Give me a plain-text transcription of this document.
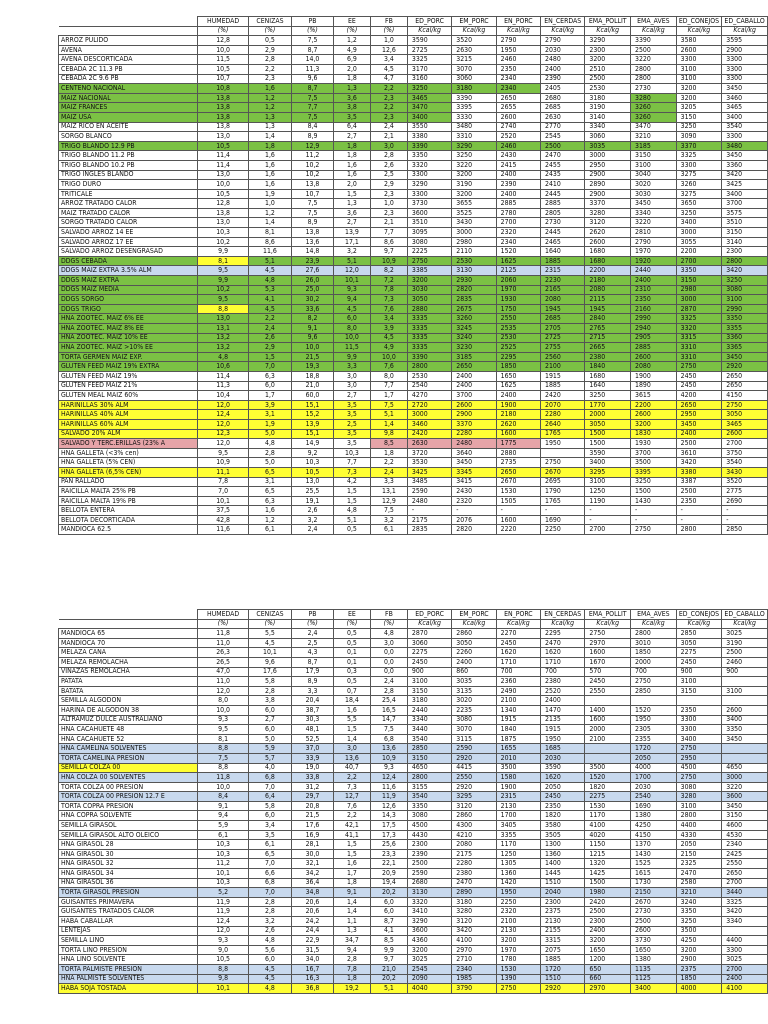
	HUMEDAD	CENIZAS	PB	EE	FB	ED_PORC	EM_PORC	EN_PORC	EN_CERDAS	EMA_POLLIT	EMA_AVES	ED_CONEJOS	ED_CABALLO
	(%)	(%)	(%)	(%)	(%)	Kcal/kg	Kcal/kg	Kcal/kg	Kcal/kg	Kcal/kg	Kcal/kg	Kcal/kg	Kcal/kg
ARROZ PULIDO	12,8	0,5	7,5	1,2	1,0	3590	3520	2790	2790	3290	3390	3580	3595
AVENA	10,0	2,9	8,7	4,9	12,6	2725	2630	1950	2030	2300	2500	2600	2900
AVENA DESCORTICADA	11,5	2,8	14,0	6,9	3,4	3325	3215	2460	2480	3200	3220	3300	3300
CEBADA 2C 11.3 PB	10,5	2,2	11,3	2,0	4,5	3170	3070	2350	2400	2510	2800	3100	3300
CEBADA 2C 9.6 PB	10,7	2,3	9,6	1,8	4,7	3160	3060	2340	2390	2500	2800	3100	3300
CENTENO NACIONAL	10,8	1,6	8,7	1,3	2,2	3250	3180	2340	2405	2530	2730	3200	3450
MAIZ NACIONAL	13,8	1,2	7,5	3,6	2,3	3465	3390	2650	2680	3180	3280	3200	3460
MAIZ FRANCES	13,8	1,2	7,7	3,8	2,2	3470	3395	2655	2685	3190	3260	3205	3465
MAIZ USA	13,8	1,3	7,5	3,5	2,3	3400	3330	2600	2630	3140	3260	3150	3400
MAIZ RICO EN ACEITE	13,8	1,3	8,4	6,4	2,4	3550	3480	2740	2770	3340	3470	3250	3540
SORGO BLANCO	13,0	1,4	8,9	2,7	2,1	3380	3310	2520	2545	3060	3210	3090	3300
TRIGO BLANDO 12.9 PB	10,5	1,8	12,9	1,8	3,0	3390	3290	2460	2500	3035	3185	3370	3480
TRIGO BLANDO 11.2 PB	11,4	1,6	11,2	1,8	2,8	3350	3250	2430	2470	3000	3150	3325	3450
TRIGO BLANDO 10.2 PB	11,4	1,6	10,2	1,6	2,6	3320	3220	2415	2455	2950	3100	3300	3360
TRIGO INGLES BLANDO	13,0	1,6	10,2	1,6	2,5	3300	3200	2400	2435	2900	3040	3275	3420
TRIGO DURO	10,0	1,6	13,8	2,0	2,9	3290	3190	2390	2410	2890	3020	3260	3425
TRITICALE	10,5	1,9	10,7	1,5	2,3	3300	3200	2400	2445	2900	3030	3275	3400
ARROZ TRATADO CALOR	12,8	1,0	7,5	1,3	1,0	3730	3655	2885	2885	3370	3450	3650	3700
MAIZ TRATADO CALOR	13,8	1,2	7,5	3,6	2,3	3600	3525	2780	2805	3280	3340	3250	3575
SORGO TRATADO CALOR	13,0	1,4	8,9	2,7	2,1	3510	3430	2700	2730	3120	3220	3400	3510
SALVADO ARROZ 14 EE	10,3	8,1	13,8	13,9	7,7	3095	3000	2320	2445	2620	2810	3000	3150
SALVADO ARROZ 17 EE	10,2	8,6	13,6	17,1	8,6	3080	2980	2340	2465	2600	2790	3055	3140
SALVADO ARROZ DESENGRASAD	9,9	11,6	14,8	3,2	9,7	2225	2110	1520	1640	1680	1970	2200	2300
DDGS CEBADA	8,1	5,1	23,9	5,1	10,9	2750	2530	1625	1885	1680	1920	2700	2800
DDGS MAIZ EXTRA 3.5% ALM	9,5	4,5	27,6	12,0	8,2	3385	3130	2125	2315	2200	2440	3350	3420
DDGS MAIZ EXTRA	9,9	4,8	26,0	10,1	7,2	3200	2930	2060	2230	2180	2400	3150	3250
DDGS MAIZ MEDIA	10,2	5,3	25,0	9,3	7,8	3030	2820	1970	2165	2080	2310	2980	3080
DDGS SORGO	9,5	4,1	30,2	9,4	7,3	3050	2835	1930	2080	2115	2350	3000	3100
DDGS TRIGO	8,8	4,5	33,6	4,5	7,6	2880	2675	1750	1945	1945	2160	2870	2990
HNA ZOOTEC. MAIZ 6% EE	13,0	2,2	8,2	6,0	3,4	3335	3260	2550	2685	2840	2990	3325	3350
HNA ZOOTEC. MAIZ 8% EE	13,1	2,4	9,1	8,0	3,9	3335	3245	2535	2705	2765	2940	3320	3355
HNA ZOOTEC. MAIZ 10% EE	13,2	2,6	9,6	10,0	4,5	3335	3240	2530	2725	2715	2905	3315	3360
HNA ZOOTEC. MAIZ >10% EE	13,2	2,9	10,0	11,5	4,9	3335	3230	2525	2755	2665	2885	3310	3365
TORTA GERMEN MAIZ EXP.	4,8	1,5	21,5	9,9	10,0	3390	3185	2295	2560	2380	2600	3310	3450
GLUTEN FEED MAIZ 19% EXTRA	10,6	7,0	19,3	3,3	7,6	2800	2650	1850	2100	1840	2080	2750	2920
GLUTEN FEED MAIZ 19%	11,4	6,3	18,8	3,0	8,0	2530	2400	1650	1915	1680	1900	2450	2650
GLUTEN FEED MAIZ 21%	11,3	6,0	21,0	3,0	7,7	2540	2400	1625	1885	1640	1890	2450	2650
GLUTEN MEAL MAIZ 60%	10,4	1,7	60,0	2,7	1,7	4270	3700	2400	2420	3250	3615	4200	4150
HARINILLAS 30% ALM	12,0	3,9	15,1	3,5	7,5	2720	2600	1900	2070	1770	2200	2650	2750
HARINILLAS 40% ALM	12,4	3,1	15,2	3,5	5,1	3000	2900	2180	2280	2000	2600	2950	3050
HARINILLAS 60% ALM	12,0	1,9	13,9	2,5	1,4	3460	3370	2620	2640	3050	3200	3450	3465
SALVADO 20% ALM	12,3	5,0	15,1	3,5	9,8	2420	2280	1600	1765	1500	1830	2400	2600
SALVADO Y TERC.ERILLAS (23% A	12,0	4,8	14,9	3,5	8,5	2630	2480	1775	1950	1500	1930	2500	2700
HNA GALLETA (<3% cen)	9,5	2,8	9,2	10,3	1,8	3720	3640	2880		3590	3700	3610	3750
HNA GALLETA (5% CEN)	10,9	5,0	10,3	7,7	2,2	3530	3450	2735	2750	3400	3500	3420	3540
HNA GALLETA (6,5% CEN)	11,1	6,5	10,5	7,3	2,4	3425	3345	2650	2670	3295	3395	3380	3430
PAN RALLADO	7,8	3,1	13,0	4,2	3,3	3485	3415	2670	2695	3100	3250	3387	3520
RAICILLA MALTA 25% PB	7,0	6,5	25,5	1,5	13,1	2590	2430	1530	1790	1250	1500	2500	2775
RAICILLA MALTA 19% PB	10,1	6,3	19,1	1,5	12,9	2480	2320	1505	1765	1190	1430	2350	2690
BELLOTA ENTERA	37,5	1,6	2,6	4,8	7,5	-	-	-	-	-	-	-	-
BELLOTA DECORTICADA	42,8	1,2	3,2	5,1	3,2	2175	2076	1600	1690	-	-	-	-
MANDIOCA 62.5	11,6	6,1	2,4	0,5	6,1	2835	2820	2220	2250	2700	2750	2800	2850
	HUMEDAD	CENIZAS	PB	EE	FB	ED_PORC	EM_PORC	EN_PORC	EN_CERDAS	EMA_POLLIT	EMA_AVES	ED_CONEJOS	ED_CABALLO
	(%)	(%)	(%)	(%)	(%)	Kcal/kg	Kcal/kg	Kcal/kg	Kcal/kg	Kcal/kg	Kcal/kg	Kcal/kg	Kcal/kg
MANDIOCA 65	11,8	5,5	2,4	0,5	4,8	2870	2860	2270	2295	2750	2800	2850	3025
MANDIOCA 70	11,0	4,5	2,5	0,5	3,0	3060	3050	2450	2470	2970	3010	3050	3190
MELAZA CAÑA	26,3	10,1	4,3	0,1	0,0	2275	2260	1620	1620	1600	1850	2275	2500
MELAZA REMOLACHA	26,5	9,6	8,7	0,1	0,0	2450	2400	1710	1710	1670	2000	2450	2460
VINAZAS REMOLACHA	47,0	17,6	17,9	0,3	0,0	900	860	700	700	570	700	900	900
PATATA	11,0	5,8	8,9	0,5	2,4	3100	3035	2360	2380	2450	2750	3100	
BATATA	12,0	2,8	3,3	0,7	2,8	3150	3135	2490	2520	2550	2850	3150	3100
SEMILLA ALGODON	8,0	3,8	20,4	18,4	25,4	3180	3020	2100	2400				
HARINA DE ALGODON 38	10,0	6,0	38,7	1,6	16,5	2440	2235	1340	1470	1400	1520	2350	2600
ALTRAMUZ DULCE AUSTRALIANO	9,3	2,7	30,3	5,5	14,7	3340	3080	1915	2135	1600	1950	3300	3400
HNA CACAHUETE 48	9,5	6,0	48,1	1,5	7,5	3440	3070	1840	1915	2000	2305	3300	3350
HNA CACAHUETE 52	8,1	5,0	52,5	1,4	6,8	3540	3115	1875	1950	2100	2355	3400	3450
HNA CAMELINA SOLVENTES	8,8	5,9	37,0	3,0	13,6	2850	2590	1655	1685		1720	2750	
TORTA CAMELINA PRESION	7,5	5,7	33,9	13,6	10,9	3150	2920	2010	2030		2050	2950	
SEMILLA COLZA 00	8,8	4,0	19,0	40,7	9,3	4650	4415	3500	3590	3500	4000	4500	4650
HNA COLZA 00 SOLVENTES	11,8	6,8	33,8	2,2	12,4	2800	2550	1580	1620	1520	1700	2750	3000
TORTA COLZA 00 PRESION	10,0	7,0	31,2	7,3	11,6	3155	2920	1900	2050	1820	2030	3080	3220
TORTA COLZA 00 PRESION 12.7 E	8,4	6,4	29,7	12,7	11,9	3540	3295	2315	2450	2275	2540	3280	3600
TORTA COPRA PRESION	9,1	5,8	20,8	7,6	12,6	3350	3120	2130	2350	1530	1690	3100	3450
HNA COPRA SOLVENTE	9,4	6,0	21,5	2,2	14,3	3080	2860	1700	1820	1170	1380	2800	3150
SEMILLA GIRASOL	5,9	3,4	17,6	42,1	17,5	4500	4300	3405	3580	4100	4250	4400	4600
SEMILLA GIRASOL ALTO OLEICO	6,1	3,5	16,9	41,1	17,3	4430	4210	3355	3505	4020	4150	4330	4530
HNA GIRASOL 28	10,3	6,1	28,1	1,5	25,6	2300	2080	1170	1300	1150	1370	2050	2340
HNA GIRASOL 30	10,3	6,5	30,0	1,5	23,3	2390	2175	1250	1360	1215	1430	2150	2425
HNA GIRASOL 32	11,2	7,0	32,1	1,6	22,1	2500	2280	1305	1400	1320	1525	2325	2550
HNA GIRASOL 34	10,1	6,6	34,2	1,7	20,9	2590	2380	1360	1445	1425	1615	2470	2650
HNA GIRASOL 36	10,3	6,8	36,4	1,8	19,4	2680	2470	1420	1510	1500	1730	2580	2700
TORTA GIRASOL PRESION	5,2	7,0	34,8	9,1	20,2	3130	2890	1950	2040	1980	2150	3210	3440
GUISANTES PRIMAVERA	11,9	2,8	20,6	1,4	6,0	3320	3180	2250	2300	2420	2670	3240	3325
GUISANTES TRATADOS CALOR	11,9	2,8	20,6	1,4	6,0	3410	3280	2320	2375	2500	2730	3350	3420
HABA CABALLAR	12,4	3,2	24,2	1,1	8,7	3290	3120	2100	2130	2300	2500	3250	3340
LENTEJAS	12,0	2,6	24,4	1,3	4,1	3600	3420	2130	2155	2400	2600	3500	
SEMILLA LINO	9,3	4,8	22,9	34,7	8,5	4360	4100	3200	3315	3200	3730	4250	4400
TORTA LINO PRESION	9,0	5,6	31,5	9,4	9,9	3200	2970	1970	2075	1650	1650	3200	3300
HNA LINO SOLVENTE	10,5	6,0	34,0	2,8	9,7	3025	2710	1780	1885	1200	1380	2900	3025
TORTA PALMISTE PRESION	8,8	4,5	16,7	7,8	21,0	2545	2340	1530	1720	650	1135	2375	2700
HNA PALMISTE SOLVENTES	9,8	4,5	16,3	1,8	20,2	2090	1985	1390	1510	660	1125	1850	2400
HABA SOJA TOSTADA	10,1	4,8	36,8	19,2	5,1	4040	3790	2750	2920	2970	3400	4000	4100
